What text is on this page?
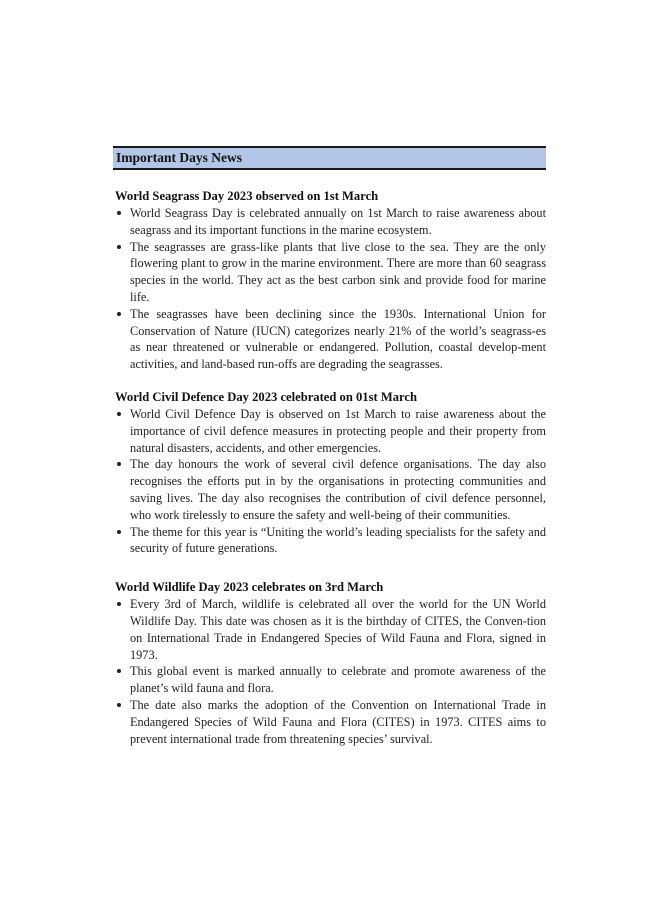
Important Days News
World Seagrass Day 2023 observed on 1st March
World Seagrass Day is celebrated annually on 1st March to raise awareness about seagrass and its important functions in the marine ecosystem.
The seagrasses are grass-like plants that live close to the sea. They are the only flowering plant to grow in the marine environment. There are more than 60 seagrass species in the world. They act as the best carbon sink and provide food for marine life.
The seagrasses have been declining since the 1930s. International Union for Conservation of Nature (IUCN) categorizes nearly 21% of the world’s seagrass-es as near threatened or vulnerable or endangered. Pollution, coastal develop-ment activities, and land-based run-offs are degrading the seagrasses.
World Civil Defence Day 2023 celebrated on 01st March
World Civil Defence Day is observed on 1st March to raise awareness about the importance of civil defence measures in protecting people and their property from natural disasters, accidents, and other emergencies.
The day honours the work of several civil defence organisations. The day also recognises the efforts put in by the organisations in protecting communities and saving lives. The day also recognises the contribution of civil defence personnel, who work tirelessly to ensure the safety and well-being of their communities.
The theme for this year is “Uniting the world’s leading specialists for the safety and security of future generations.
World Wildlife Day 2023 celebrates on 3rd March
Every 3rd of March, wildlife is celebrated all over the world for the UN World Wildlife Day. This date was chosen as it is the birthday of CITES, the Conven-tion on International Trade in Endangered Species of Wild Fauna and Flora, signed in 1973.
This global event is marked annually to celebrate and promote awareness of the planet’s wild fauna and flora.
The date also marks the adoption of the Convention on International Trade in Endangered Species of Wild Fauna and Flora (CITES) in 1973. CITES aims to prevent international trade from threatening species’ survival.
